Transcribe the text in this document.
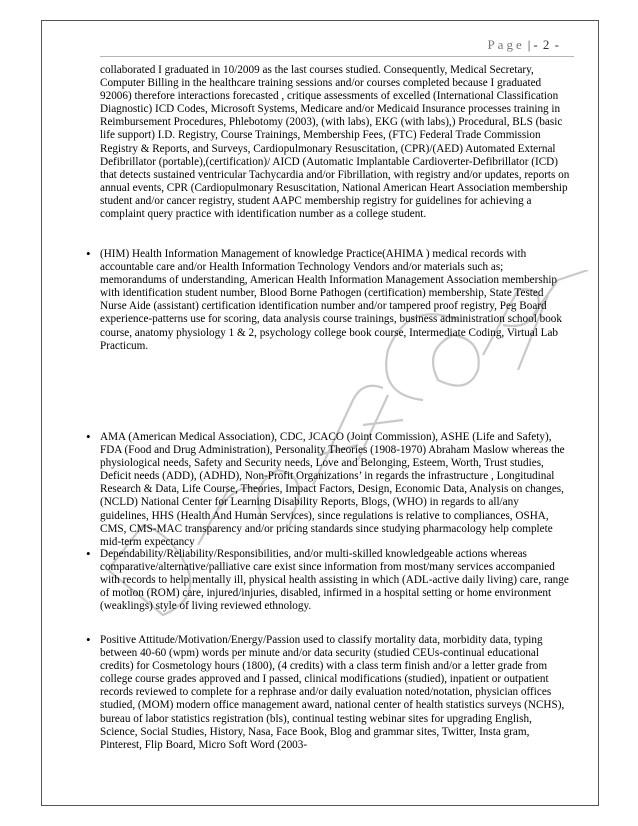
Page | - 2 -

collaborated I graduated in 10/2009 as the last courses studied. Consequently, Medical Secretary, Computer Billing in the healthcare training sessions and/or courses completed because I graduated 92006) therefore interactions forecasted , critique assessments of excelled (International Classification Diagnostic) ICD Codes, Microsoft Systems, Medicare and/or Medicaid Insurance processes training in Reimbursement Procedures, Phlebotomy (2003), (with labs), EKG (with labs),) Procedural, BLS (basic life support) I.D. Registry, Course Trainings, Membership Fees, (FTC) Federal Trade Commission Registry & Reports, and Surveys, Cardiopulmonary Resuscitation, (CPR)/(AED) Automated External Defibrillator (portable),(certification)/ AICD (Automatic Implantable Cardioverter-Defibrillator (ICD) that detects sustained ventricular Tachycardia and/or Fibrillation, with registry and/or updates, reports on annual events, CPR (Cardiopulmonary Resuscitation, National American Heart Association membership student and/or cancer registry, student AAPC membership registry for guidelines for achieving a complaint query practice with identification number as a college student.

• (HIM) Health Information Management of knowledge Practice(AHIMA ) medical records with accountable care and/or Health Information Technology Vendors and/or materials such as; memorandums of understanding, American Health Information Management Association membership with identification student number, Blood Borne Pathogen (certification) membership, State Tested Nurse Aide (assistant) certification identification number and/or tampered proof registry, Peg Board experience-patterns use for scoring, data analysis course trainings, business administration school book course, anatomy physiology 1 & 2, psychology college book course, Intermediate Coding, Virtual Lab Practicum.
• AMA (American Medical Association), CDC, JCACO (Joint Commission), ASHE (Life and Safety), FDA (Food and Drug Administration), Personality Theories (1908-1970) Abraham Maslow whereas the physiological needs, Safety and Security needs, Love and Belonging, Esteem, Worth, Trust studies, Deficit needs (ADD), (ADHD), Non-Profit Organizations’ in regards the infrastructure , Longitudinal Research & Data, Life Course, Theories, Impact Factors, Design, Economic Data, Analysis on changes, (NCLD) National Center for Learning Disability Reports, Blogs, (WHO) in regards to all/any guidelines, HHS (Health And Human Services), since regulations is relative to compliances, OSHA, CMS, CMS-MAC transparency and/or pricing standards since studying pharmacology help complete mid-term expectancy
• Dependability/Reliability/Responsibilities, and/or multi-skilled knowledgeable actions whereas comparative/alternative/palliative care exist since information from most/many services accompanied with records to help mentally ill, physical health assisting in which (ADL-active daily living) care, range of motion (ROM) care, injured/injuries, disabled, infirmed in a hospital setting or home environment (weaklings) style of living reviewed ethnology.
• Positive Attitude/Motivation/Energy/Passion used to classify mortality data, morbidity data, typing between 40-60 (wpm) words per minute and/or data security (studied CEUs-continual educational credits) for Cosmetology hours (1800), (4 credits) with a class term finish and/or a letter grade from college course grades approved and I passed, clinical modifications (studied), inpatient or outpatient records reviewed to complete for a rephrase and/or daily evaluation noted/notation, physician offices studied, (MOM) modern office management award, national center of health statistics surveys (NCHS), bureau of labor statistics registration (bls), continual testing webinar sites for upgrading English, Science, Social Studies, History, Nasa, Face Book, Blog and grammar sites, Twitter, Insta gram, Pinterest, Flip Board, Micro Soft Word (2003-
